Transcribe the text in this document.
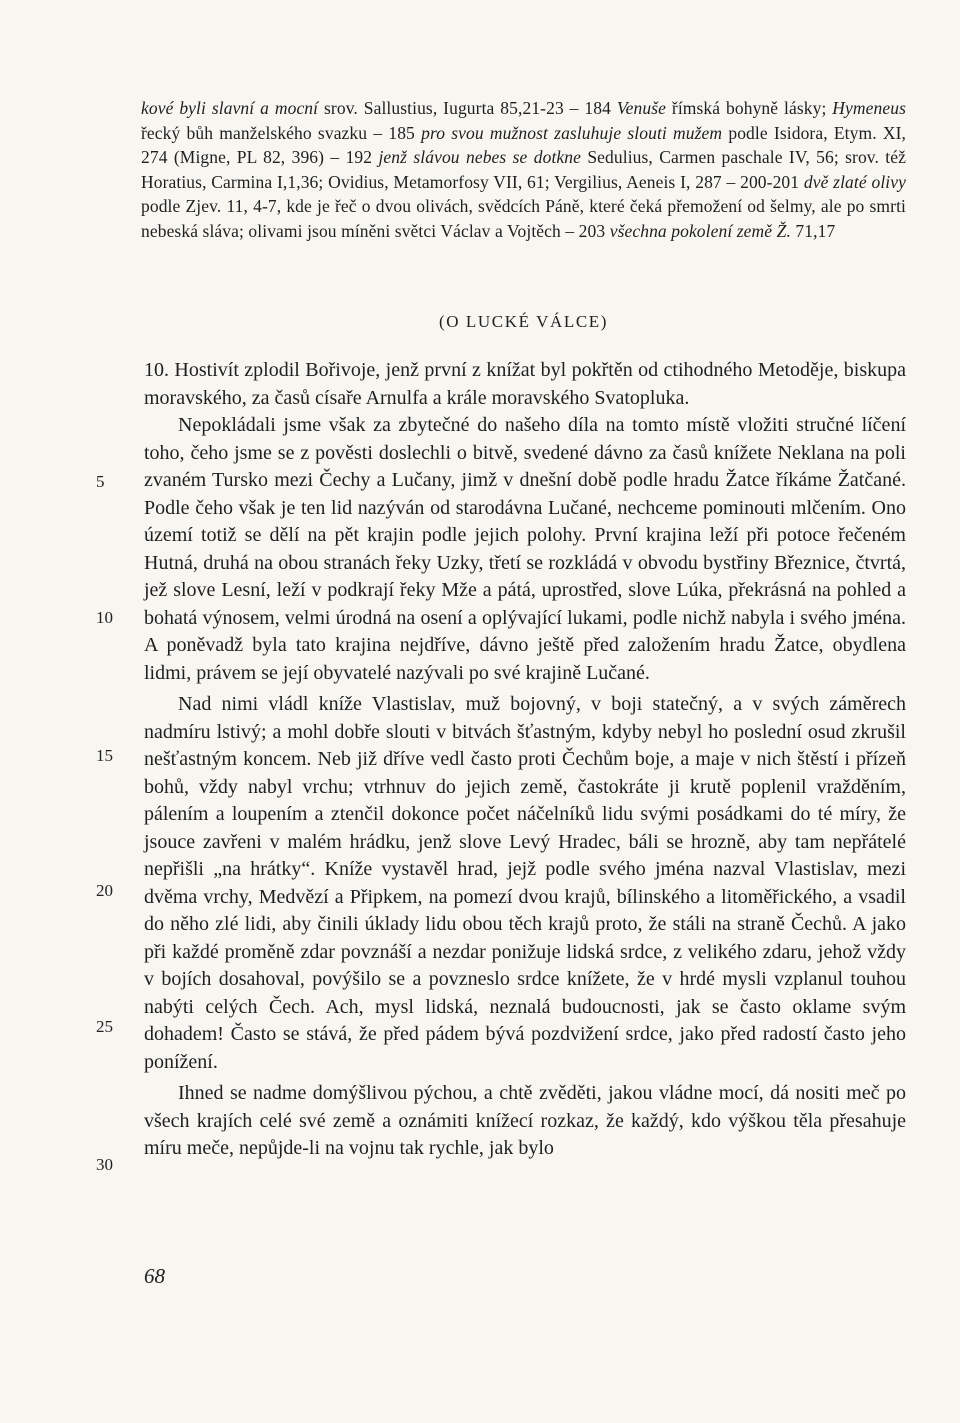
kové byli slavní a mocní srov. Sallustius, Iugurta 85,21-23 – 184 Venuše římská bohyně lásky; Hymeneus řecký bůh manželského svazku – 185 pro svou mužnost zasluhuje slouti mužem podle Isidora, Etym. XI, 274 (Migne, PL 82, 396) – 192 jenž slávou nebes se dotkne Sedulius, Carmen paschale IV, 56; srov. též Horatius, Carmina I,1,36; Ovidius, Metamorfosy VII, 61; Vergilius, Aeneis I, 287 – 200-201 dvě zlaté olivy podle Zjev. 11, 4-7, kde je řeč o dvou olivách, svědcích Páně, které čeká přemožení od šelmy, ale po smrti nebeská sláva; olivami jsou míněni světci Václav a Vojtěch – 203 všechna pokolení země Ž. 71,17

(O LUCKÉ VÁLCE)

10. Hostivít zplodil Bořivoje, jenž první z knížat byl pokřtěn od ctihodného Metoděje, biskupa moravského, za časů císaře Arnulfa a krále moravského Svatopluka.

Nepokládali jsme však za zbytečné do našeho díla na tomto místě vložiti stručné líčení toho, čeho jsme se z pověsti doslechli o bitvě, svedené dávno za časů knížete Neklana na poli zvaném Tursko mezi Čechy a Lučany, jimž v dnešní době podle hradu Žatce říkáme Žatčané. Podle čeho však je ten lid nazýván od starodávna Lučané, nechceme pominouti mlčením. Ono území totiž se dělí na pět krajin podle jejich polohy. První krajina leží při potoce řečeném Hutná, druhá na obou stranách řeky Uzky, třetí se rozkládá v obvodu bystřiny Březnice, čtvrtá, jež slove Lesní, leží v podkrají řeky Mže a pátá, uprostřed, slove Lúka, překrásná na pohled a bohatá výnosem, velmi úrodná na osení a oplývající lukami, podle nichž nabyla i svého jména. A poněvadž byla tato krajina nejdříve, dávno ještě před založením hradu Žatce, obydlena lidmi, právem se její obyvatelé nazývali po své krajině Lučané.

Nad nimi vládl kníže Vlastislav, muž bojovný, v boji statečný, a v svých záměrech nadmíru lstivý; a mohl dobře slouti v bitvách šťastným, kdyby nebyl ho poslední osud zkrušil nešťastným koncem. Neb již dříve vedl často proti Čechům boje, a maje v nich štěstí i přízeň bohů, vždy nabyl vrchu; vtrhnuv do jejich země, častokráte ji krutě poplenil vražděním, pálením a loupením a ztenčil dokonce počet náčelníků lidu svými posádkami do té míry, že jsouce zavřeni v malém hrádku, jenž slove Levý Hradec, báli se hrozně, aby tam nepřátelé nepřišli „na hrátky“. Kníže vystavěl hrad, jejž podle svého jména nazval Vlastislav, mezi dvěma vrchy, Medvězí a Připkem, na pomezí dvou krajů, bílinského a litoměřického, a vsadil do něho zlé lidi, aby činili úklady lidu obou těch krajů proto, že stáli na straně Čechů. A jako při každé proměně zdar povznáší a nezdar ponižuje lidská srdce, z velikého zdaru, jehož vždy v bojích dosahoval, povýšilo se a povzneslo srdce knížete, že v hrdé mysli vzplanul touhou nabýti celých Čech. Ach, mysl lidská, neznalá budoucnosti, jak se často oklame svým dohadem! Často se stává, že před pádem bývá pozdvižení srdce, jako před radostí často jeho ponížení.

Ihned se nadme domýšlivou pýchou, a chtě zvěděti, jakou vládne mocí, dá nositi meč po všech krajích celé své země a oznámiti knížecí rozkaz, že každý, kdo výškou těla přesahuje míru meče, nepůjde-li na vojnu tak rychle, jak bylo

5
10
15
20
25
30
68
